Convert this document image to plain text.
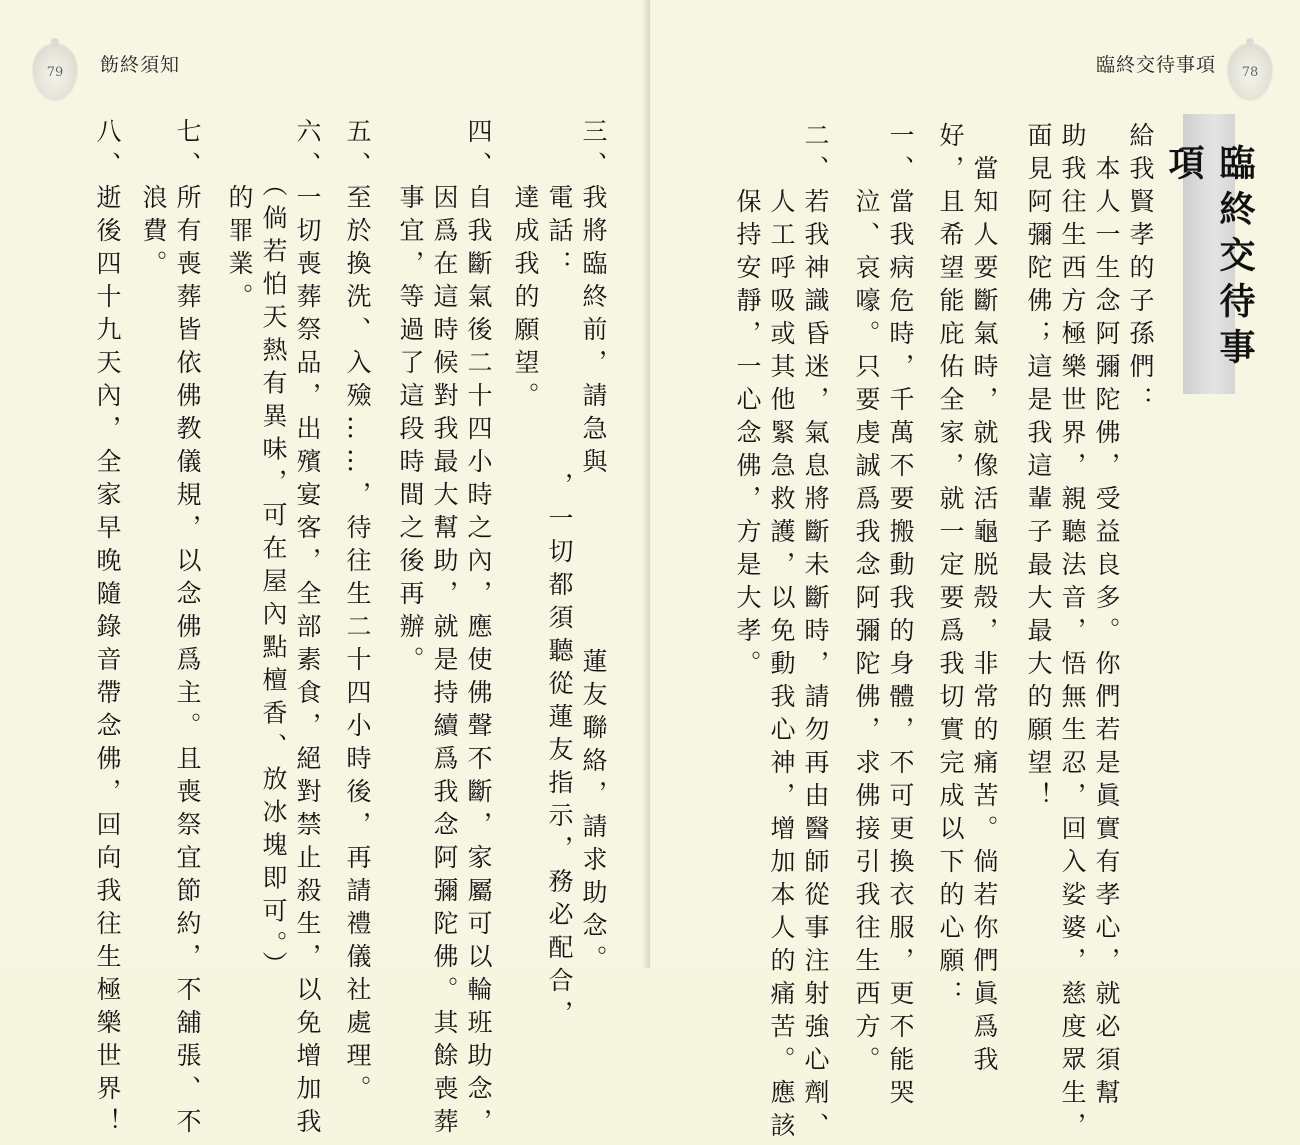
79 飭終須知
三、我將臨終前，請急與
　　電話：
，一切都須聽從蓮友指示，務必配合， 蓮友聯絡，請求助念。
　　達成我的願望。
四、自我斷氣後二十四小時之內，應使佛聲不斷，家屬可以輪班助念，
　　因爲在這時候對我最大幫助，就是持續爲我念阿彌陀佛。其餘喪葬
　　事宜，等過了這段時間之後再辦。
五、至於換洗、入殮……，待往生二十四小時後，再請禮儀社處理。
六、一切喪葬祭品，出殯宴客，全部素食，絕對禁止殺生，以免增加我
　　（倘若怕天熱有異味，可在屋內點檀香、放冰塊即可。）
　　的罪業。
七、所有喪葬皆依佛教儀規，以念佛爲主。且喪祭宜節約，不舖張、不
　　浪費。
八、逝後四十九天內，全家早晚隨錄音帶念佛，回向我往生極樂世界！
臨終交待事項 78
臨終交待事項
給我賢孝的子孫們：
　本人一生念阿彌陀佛，受益良多。你們若是眞實有孝心，就必須幫
助我往生西方極樂世界，親聽法音，悟無生忍，回入娑婆，慈度眾生，
面見阿彌陀佛；這是我這輩子最大最大的願望！
　當知人要斷氣時，就像活龜脱殼，非常的痛苦。倘若你們眞爲我
好，且希望能庇佑全家，就一定要爲我切實完成以下的心願：
一、當我病危時，千萬不要搬動我的身體，不可更換衣服，更不能哭
　　泣、哀嚎。只要虔誠爲我念阿彌陀佛，求佛接引我往生西方。
二、若我神識昏迷，氣息將斷未斷時，請勿再由醫師從事注射強心劑、
　　人工呼吸或其他緊急救護，以免動我心神，增加本人的痛苦。應該
　　保持安靜，一心念佛，方是大孝。
